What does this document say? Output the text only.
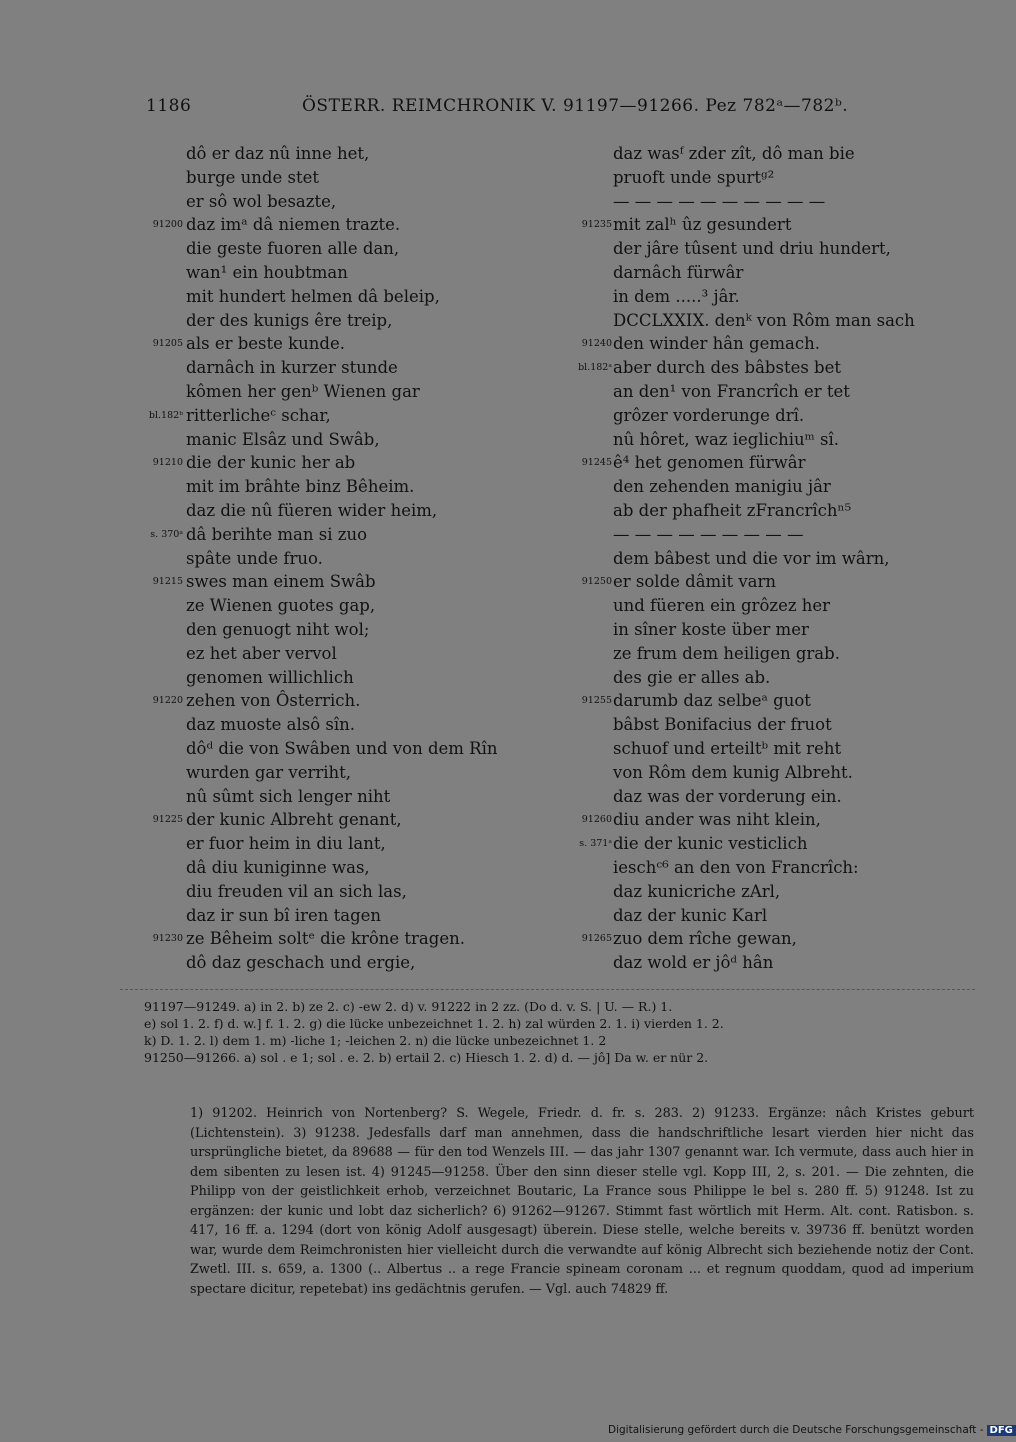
1186	ÖSTERR. REIMCHRONIK V. 91197—91266. Pez 782ᵃ—782ᵇ.
dô er daz nû inne het,
burge unde stet
er sô wol besazte,
91200 daz imᵃ dâ niemen trazte.
die geste fuoren alle dan,
wan¹ ein houbtman
mit hundert helmen dâ beleip,
der des kunigs êre treip,
91205 als er beste kunde.
darnâch in kurzer stunde
kômen her genᵇ Wienen gar
bl.182ᵇ ritterlicheᶜ schar,
manic Elsâz und Swâb,
91210 die der kunic her ab
mit im brâhte binz Bêheim.
daz die nû füeren wider heim,
s. 370ᵃ dâ berihte man si zuo
spâte unde fruo.
91215 swes man einem Swâb
ze Wienen guotes gap,
den genuogt niht wol;
ez het aber vervol
genomen willichlich
91220 zehen von Ôsterrich.
daz muoste alsô sîn.
dôᵈ die von Swâben und von dem Rîn
wurden gar verriht,
nû sûmt sich lenger niht
91225 der kunic Albreht genant,
er fuor heim in diu lant,
dâ diu kuniginne was,
diu freuden vil an sich las,
daz ir sun bî iren tagen
91230 ze Bêheim soltᵉ die krône tragen.
dô daz geschach und ergie,
daz wasᶠ zder zît, dô man bie
pruoft unde spurtᵍ²
— — — — — — — — — —
91235 mit zalʰ ûz gesundert
der jâre tûsent und driu hundert,
darnâch fürwâr
in dem .....³ jâr.
DCCLXXIX. denᵏ von Rôm man sach
91240 den winder hân gemach.
bl.182ᵃ aber durch des bâbstes bet
an den¹ von Francrîch er tet
grôzer vorderunge drî.
nû hôret, waz ieglichiuᵐ sî.
91245 ê⁴ het genomen fürwâr
den zehenden manigiu jâr
ab der phafheit zFrancrîchⁿ⁵
— — — — — — — — —
dem bâbest und die vor im wârn,
91250 er solde dâmit varn
und füeren ein grôzez her
in sîner koste über mer
ze frum dem heiligen grab.
des gie er alles ab.
91255 darumb daz selbeᵃ guot
bâbst Bonifacius der fruot
schuof und erteiltᵇ mit reht
von Rôm dem kunig Albreht.
daz was der vorderung ein.
91260 diu ander was niht klein,
s. 371ᵃ die der kunic vesticlich
ieschᶜ⁶ an den von Francrîch:
daz kunicriche zArl,
daz der kunic Karl
91265 zuo dem rîche gewan,
daz wold er jôᵈ hân

91197—91249. a) in 2. b) ze 2. c) -ew 2. d) v. 91222 in 2 zz. (Do d. v. S. | U. — R.) 1.

e) sol 1. 2. f) d. w.] f. 1. 2. g) die lücke unbezeichnet 1. 2. h) zal würden 2. 1. i) vierden 1. 2.

k) D. 1. 2. l) dem 1. m) -liche 1; -leichen 2. n) die lücke unbezeichnet 1. 2

91250—91266. a) sol . e 1; sol . e. 2. b) ertail 2. c) Hiesch 1. 2. d) d. — jô] Da w. er nür 2.

1) 91202. Heinrich von Nortenberg? S. Wegele, Friedr. d. fr. s. 283. 2) 91233. Ergänze: nâch Kristes geburt (Lichtenstein). 3) 91238. Jedesfalls darf man annehmen, dass die handschriftliche lesart vierden hier nicht das ursprüngliche bietet, da 89688 — für den tod Wenzels III. — das jahr 1307 genannt war. Ich vermute, dass auch hier in dem sibenten zu lesen ist. 4) 91245—91258. Über den sinn dieser stelle vgl. Kopp III, 2, s. 201. — Die zehnten, die Philipp von der geistlichkeit erhob, verzeichnet Boutaric, La France sous Philippe le bel s. 280 ff. 5) 91248. Ist zu ergänzen: der kunic und lobt daz sicherlich? 6) 91262—91267. Stimmt fast wörtlich mit Herm. Alt. cont. Ratisbon. s. 417, 16 ff. a. 1294 (dort von könig Adolf ausgesagt) überein. Diese stelle, welche bereits v. 39736 ff. benützt worden war, wurde dem Reimchronisten hier vielleicht durch die verwandte auf könig Albrecht sich beziehende notiz der Cont. Zwetl. III. s. 659, a. 1300 (.. Albertus .. a rege Francie spineam coronam ... et regnum quoddam, quod ad imperium spectare dicitur, repetebat) ins gedächtnis gerufen. — Vgl. auch 74829 ff.

Digitalisierung gefördert durch die Deutsche Forschungsgemeinschaft - DFG
